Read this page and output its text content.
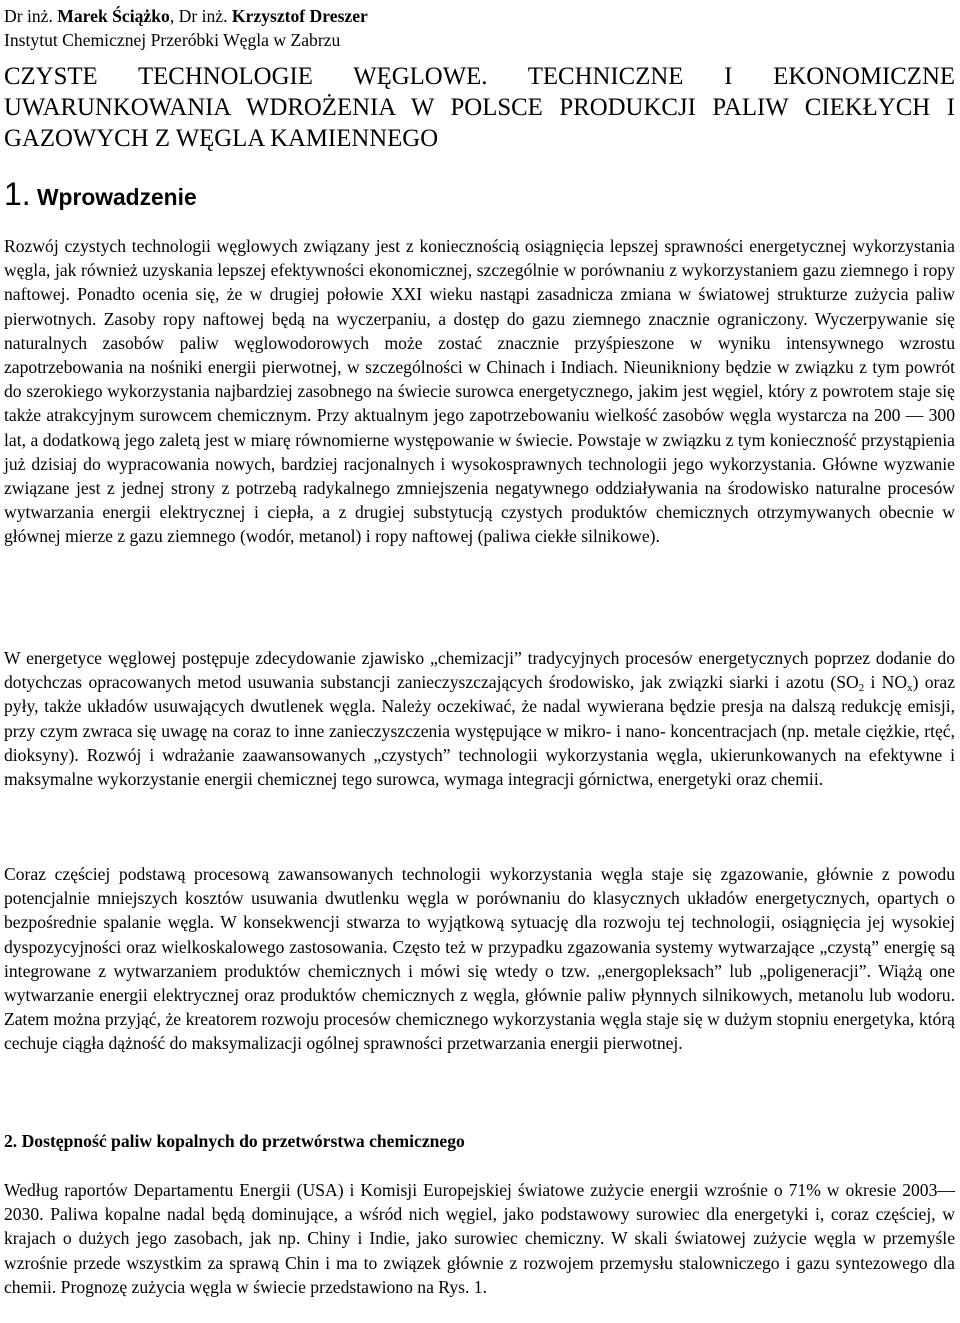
Dr inż. Marek Ściążko, Dr inż. Krzysztof Dreszer
Instytut Chemicznej Przeróbki Węgla w Zabrzu
CZYSTE TECHNOLOGIE WĘGLOWE. TECHNICZNE I EKONOMICZNE UWARUNKOWANIA WDROŻENIA W POLSCE PRODUKCJI PALIW CIEKŁYCH I GAZOWYCH Z WĘGLA KAMIENNEGO
1. Wprowadzenie
Rozwój czystych technologii węglowych związany jest z koniecznością osiągnięcia lepszej sprawności energetycznej wykorzystania węgla, jak również uzyskania lepszej efektywności ekonomicznej, szczególnie w porównaniu z wykorzystaniem gazu ziemnego i ropy naftowej. Ponadto ocenia się, że w drugiej połowie XXI wieku nastąpi zasadnicza zmiana w światowej strukturze zużycia paliw pierwotnych. Zasoby ropy naftowej będą na wyczerpaniu, a dostęp do gazu ziemnego znacznie ograniczony. Wyczerpywanie się naturalnych zasobów paliw węglowodorowych może zostać znacznie przyśpieszone w wyniku intensywnego wzrostu zapotrzebowania na nośniki energii pierwotnej, w szczególności w Chinach i Indiach. Nieunikniony będzie w związku z tym powrót do szerokiego wykorzystania najbardziej zasobnego na świecie surowca energetycznego, jakim jest węgiel, który z powrotem staje się także atrakcyjnym surowcem chemicznym. Przy aktualnym jego zapotrzebowaniu wielkość zasobów węgla wystarcza na 200 — 300 lat, a dodatkową jego zaletą jest w miarę równomierne występowanie w świecie. Powstaje w związku z tym konieczność przystąpienia już dzisiaj do wypracowania nowych, bardziej racjonalnych i wysokosprawnych technologii jego wykorzystania. Główne wyzwanie związane jest z jednej strony z potrzebą radykalnego zmniejszenia negatywnego oddziaływania na środowisko naturalne procesów wytwarzania energii elektrycznej i ciepła, a z drugiej substytucją czystych produktów chemicznych otrzymywanych obecnie w głównej mierze z gazu ziemnego (wodór, metanol) i ropy naftowej (paliwa ciekłe silnikowe).
W energetyce węglowej postępuje zdecydowanie zjawisko „chemizacji” tradycyjnych procesów energetycznych poprzez dodanie do dotychczas opracowanych metod usuwania substancji zanieczyszczających środowisko, jak związki siarki i azotu ($SO_2$ i $NO_x$) oraz pyły, także układów usuwających dwutlenek węgla. Należy oczekiwać, że nadal wywierana będzie presja na dalszą redukcję emisji, przy czym zwraca się uwagę na coraz to inne zanieczyszczenia występujące w mikro- i nano- koncentracjach (np. metale ciężkie, rtęć, dioksyny). Rozwój i wdrażanie zaawansowanych „czystych” technologii wykorzystania węgla, ukierunkowanych na efektywne i maksymalne wykorzystanie energii chemicznej tego surowca, wymaga integracji górnictwa, energetyki oraz chemii.
Coraz częściej podstawą procesową zawansowanych technologii wykorzystania węgla staje się zgazowanie, głównie z powodu potencjalnie mniejszych kosztów usuwania dwutlenku węgla w porównaniu do klasycznych układów energetycznych, opartych o bezpośrednie spalanie węgla. W konsekwencji stwarza to wyjątkową sytuację dla rozwoju tej technologii, osiągnięcia jej wysokiej dyspozycyjności oraz wielkoskalowego zastosowania. Często też w przypadku zgazowania systemy wytwarzające „czystą” energię są integrowane z wytwarzaniem produktów chemicznych i mówi się wtedy o tzw. „energopleksach” lub „poligeneracji”. Wiążą one wytwarzanie energii elektrycznej oraz produktów chemicznych z węgla, głównie paliw płynnych silnikowych, metanolu lub wodoru. Zatem można przyjąć, że kreatorem rozwoju procesów chemicznego wykorzystania węgla staje się w dużym stopniu energetyka, którą cechuje ciągła dążność do maksymalizacji ogólnej sprawności przetwarzania energii pierwotnej.
2. Dostępność paliw kopalnych do przetwórstwa chemicznego
Według raportów Departamentu Energii (USA) i Komisji Europejskiej światowe zużycie energii wzrośnie o 71% w okresie 2003—2030. Paliwa kopalne nadal będą dominujące, a wśród nich węgiel, jako podstawowy surowiec dla energetyki i, coraz częściej, w krajach o dużych jego zasobach, jak np. Chiny i Indie, jako surowiec chemiczny. W skali światowej zużycie węgla w przemyśle wzrośnie przede wszystkim za sprawą Chin i ma to związek głównie z rozwojem przemysłu stalowniczego i gazu syntezowego dla chemii. Prognozę zużycia węgla w świecie przedstawiono na Rys. 1.
